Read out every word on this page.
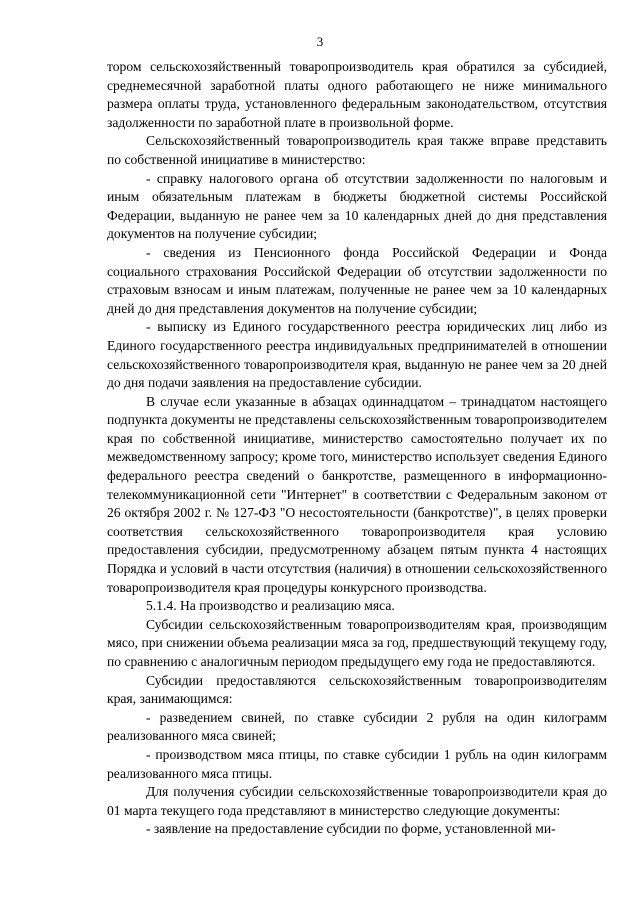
3

тором сельскохозяйственный товаропроизводитель края обратился за субсидией, среднемесячной заработной платы одного работающего не ниже минимального размера оплаты труда, установленного федеральным законодательством, отсутствия задолженности по заработной плате в произвольной форме.

Сельскохозяйственный товаропроизводитель края также вправе представить по собственной инициативе в министерство:

- справку налогового органа об отсутствии задолженности по налоговым и иным обязательным платежам в бюджеты бюджетной системы Российской Федерации, выданную не ранее чем за 10 календарных дней до дня представления документов на получение субсидии;

- сведения из Пенсионного фонда Российской Федерации и Фонда социального страхования Российской Федерации об отсутствии задолженности по страховым взносам и иным платежам, полученные не ранее чем за 10 календарных дней до дня представления документов на получение субсидии;

- выписку из Единого государственного реестра юридических лиц либо из Единого государственного реестра индивидуальных предпринимателей в отношении сельскохозяйственного товаропроизводителя края, выданную не ранее чем за 20 дней до дня подачи заявления на предоставление субсидии.

В случае если указанные в абзацах одиннадцатом – тринадцатом настоящего подпункта документы не представлены сельскохозяйственным товаропроизводителем края по собственной инициативе, министерство самостоятельно получает их по межведомственному запросу; кроме того, министерство использует сведения Единого федерального реестра сведений о банкротстве, размещенного в информационно-телекоммуникационной сети "Интернет" в соответствии с Федеральным законом от 26 октября 2002 г. № 127-ФЗ "О несостоятельности (банкротстве)", в целях проверки соответствия сельскохозяйственного товаропроизводителя края условию предоставления субсидии, предусмотренному абзацем пятым пункта 4 настоящих Порядка и условий в части отсутствия (наличия) в отношении сельскохозяйственного товаропроизводителя края процедуры конкурсного производства.

5.1.4. На производство и реализацию мяса.

Субсидии сельскохозяйственным товаропроизводителям края, производящим мясо, при снижении объема реализации мяса за год, предшествующий текущему году, по сравнению с аналогичным периодом предыдущего ему года не предоставляются.

Субсидии предоставляются сельскохозяйственным товаропроизводителям края, занимающимся:

- разведением свиней, по ставке субсидии 2 рубля на один килограмм реализованного мяса свиней;

- производством мяса птицы, по ставке субсидии 1 рубль на один килограмм реализованного мяса птицы.

Для получения субсидии сельскохозяйственные товаропроизводители края до 01 марта текущего года представляют в министерство следующие документы:

- заявление на предоставление субсидии по форме, установленной ми-
